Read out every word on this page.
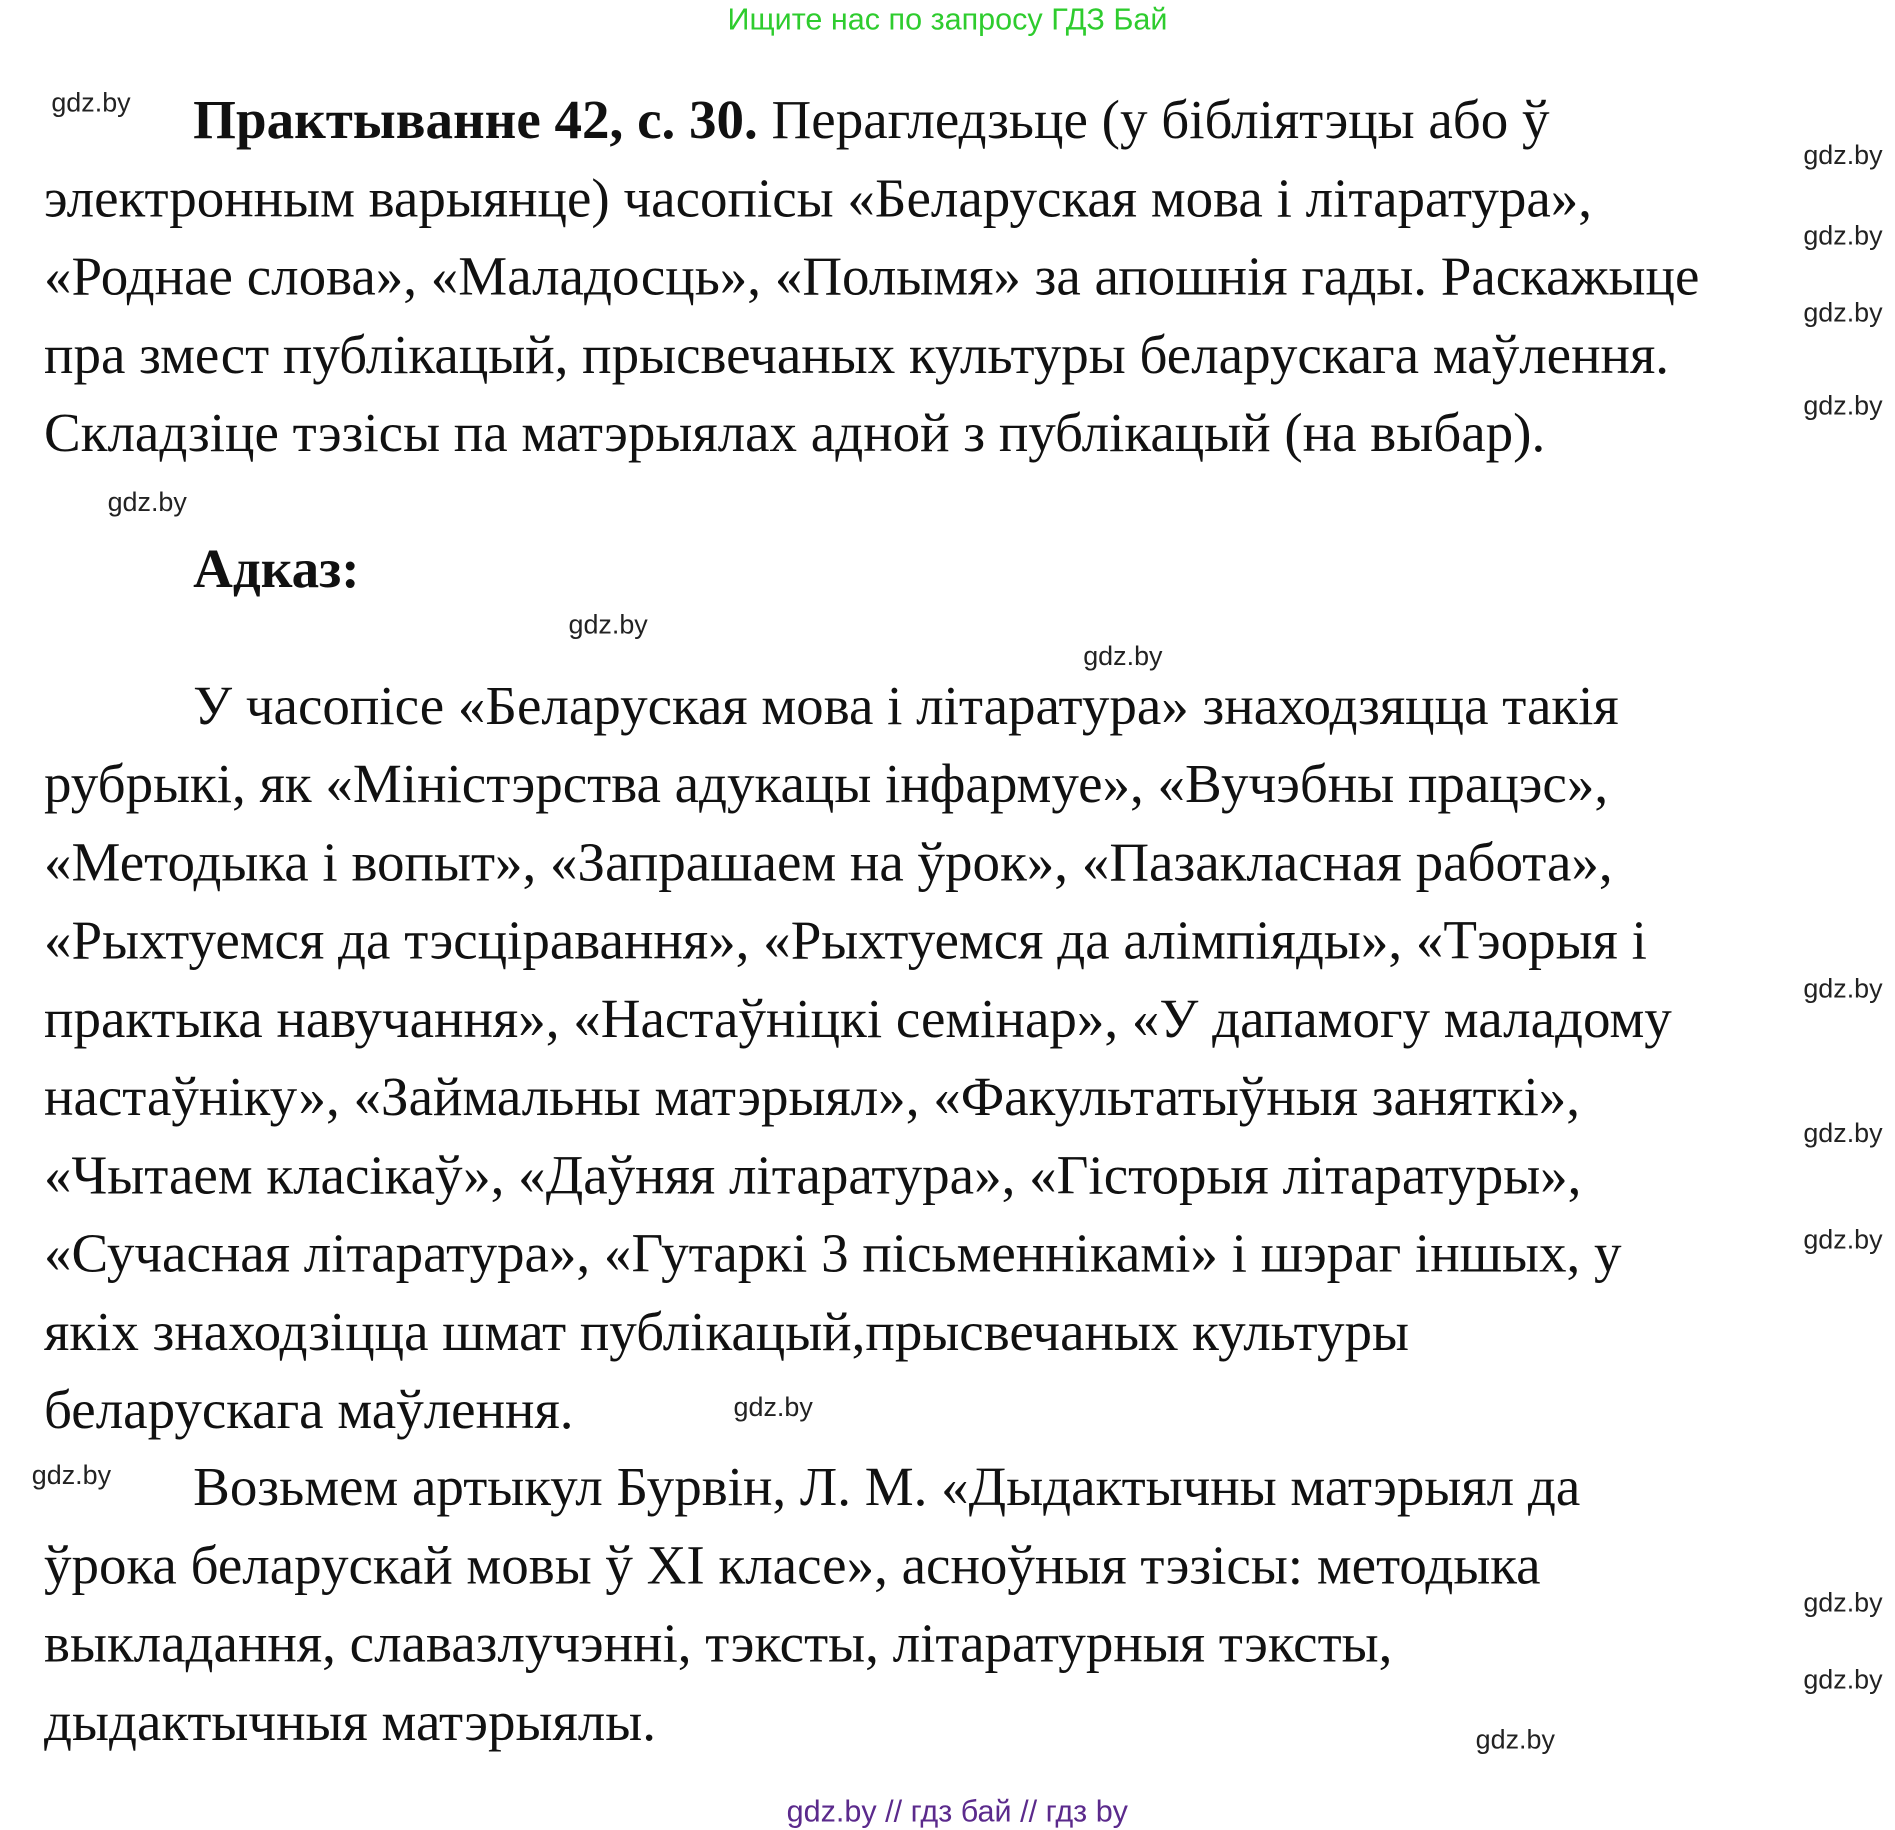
Ищите нас по запросу ГДЗ Бай
Практыванне 42, с. 30. Перагледзьце (у бібліятэцы або ў
электронным варыянце) часопісы «Беларуская мова і літаратура»,
«Роднае слова», «Маладосць», «Полымя» за апошнія гады. Раскажыце
пра змест публікацый, прысвечаных культуры беларускага маўлення.
Складзіце тэзісы па матэрыялах адной з публікацый (на выбар).
Адказ:
У часопісе «Беларуская мова і літаратура» знаходзяцца такія
рубрыкі, як «Міністэрства адукацы інфармуе», «Вучэбны працэс»,
«Методыка і вопыт», «Запрашаем на ўрок», «Пазакласная работа»,
«Рыхтуемся да тэсціравання», «Рыхтуемся да алімпіяды», «Тэорыя і
практыка навучання», «Настаўніцкі семінар», «У дапамогу маладому
настаўніку», «Займальны матэрыял», «Факультатыўныя заняткі»,
«Чытаем класікаў», «Даўняя літаратура», «Гісторыя літаратуры»,
«Сучасная літаратура», «Гутаркі 3 пісьменнікамі» і шэраг іншых, у
якіх знаходзіцца шмат публікацый,прысвечаных культуры
беларускага маўлення.
Возьмем артыкул Бурвін, Л. М. «Дыдактычны матэрыял да
ўрока беларускай мовы ў XI класе», асноўныя тэзісы: методыка
выкладання, славазлучэнні, тэксты, літаратурныя тэксты,
дыдактычныя матэрыялы.
gdz.by
gdz.by
gdz.by
gdz.by
gdz.by
gdz.by
gdz.by
gdz.by
gdz.by
gdz.by
gdz.by
gdz.by
gdz.by
gdz.by
gdz.by
gdz.by
gdz.by // гдз бай // гдз by
